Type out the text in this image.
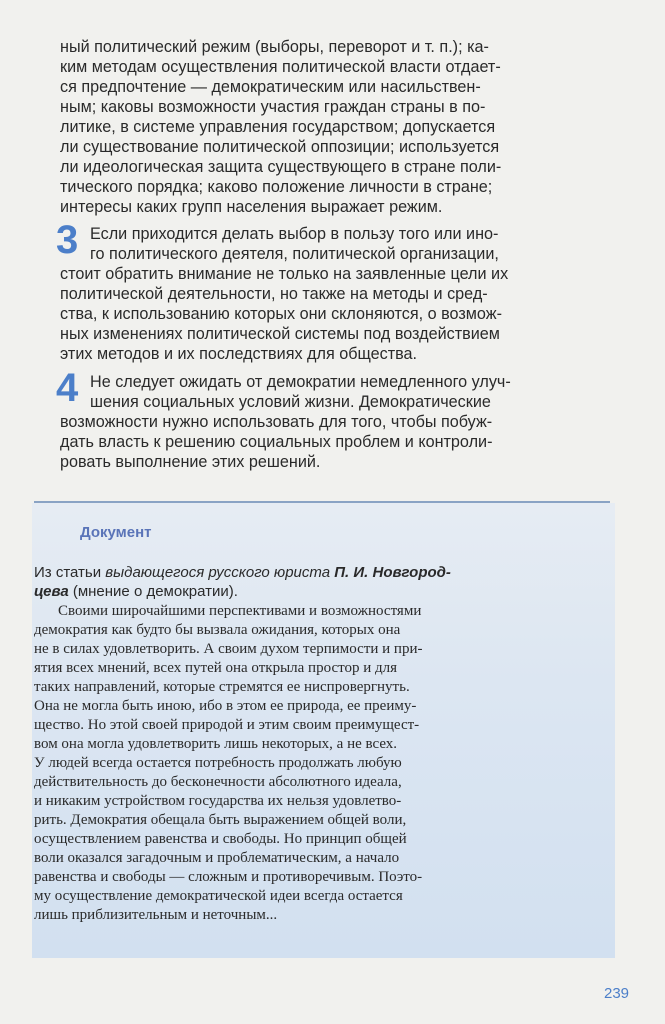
ный политический режим (выборы, переворот и т. п.); ка-

ким методам осуществления политической власти отдает-

ся предпочтение — демократическим или насильствен-

ным; каковы возможности участия граждан страны в по-

литике, в системе управления государством; допускается

ли существование политической оппозиции; используется

ли идеологическая защита существующего в стране поли-

тического порядка; каково положение личности в стране;

интересы каких групп населения выражает режим.

3 Если приходится делать выбор в пользу того или ино-

го политического деятеля, политической организации,

стоит обратить внимание не только на заявленные цели их

политической деятельности, но также на методы и сред-

ства, к использованию которых они склоняются, о возмож-

ных изменениях политической системы под воздействием

этих методов и их последствиях для общества.

4 Не следует ожидать от демократии немедленного улуч-

шения социальных условий жизни. Демократические

возможности нужно использовать для того, чтобы побуж-

дать власть к решению социальных проблем и контроли-

ровать выполнение этих решений.

Документ

Из статьи выдающегося русского юриста П. И. Новгород-

цева (мнение о демократии).

Своими широчайшими перспективами и возможностями

демократия как будто бы вызвала ожидания, которых она

не в силах удовлетворить. А своим духом терпимости и при-

ятия всех мнений, всех путей она открыла простор и для

таких направлений, которые стремятся ее ниспровергнуть.

Она не могла быть иною, ибо в этом ее природа, ее преиму-

щество. Но этой своей природой и этим своим преимущест-

вом она могла удовлетворить лишь некоторых, а не всех.

У людей всегда остается потребность продолжать любую

действительность до бесконечности абсолютного идеала,

и никаким устройством государства их нельзя удовлетво-

рить. Демократия обещала быть выражением общей воли,

осуществлением равенства и свободы. Но принцип общей

воли оказался загадочным и проблематическим, а начало

равенства и свободы — сложным и противоречивым. Поэто-

му осуществление демократической идеи всегда остается

лишь приблизительным и неточным...

239
